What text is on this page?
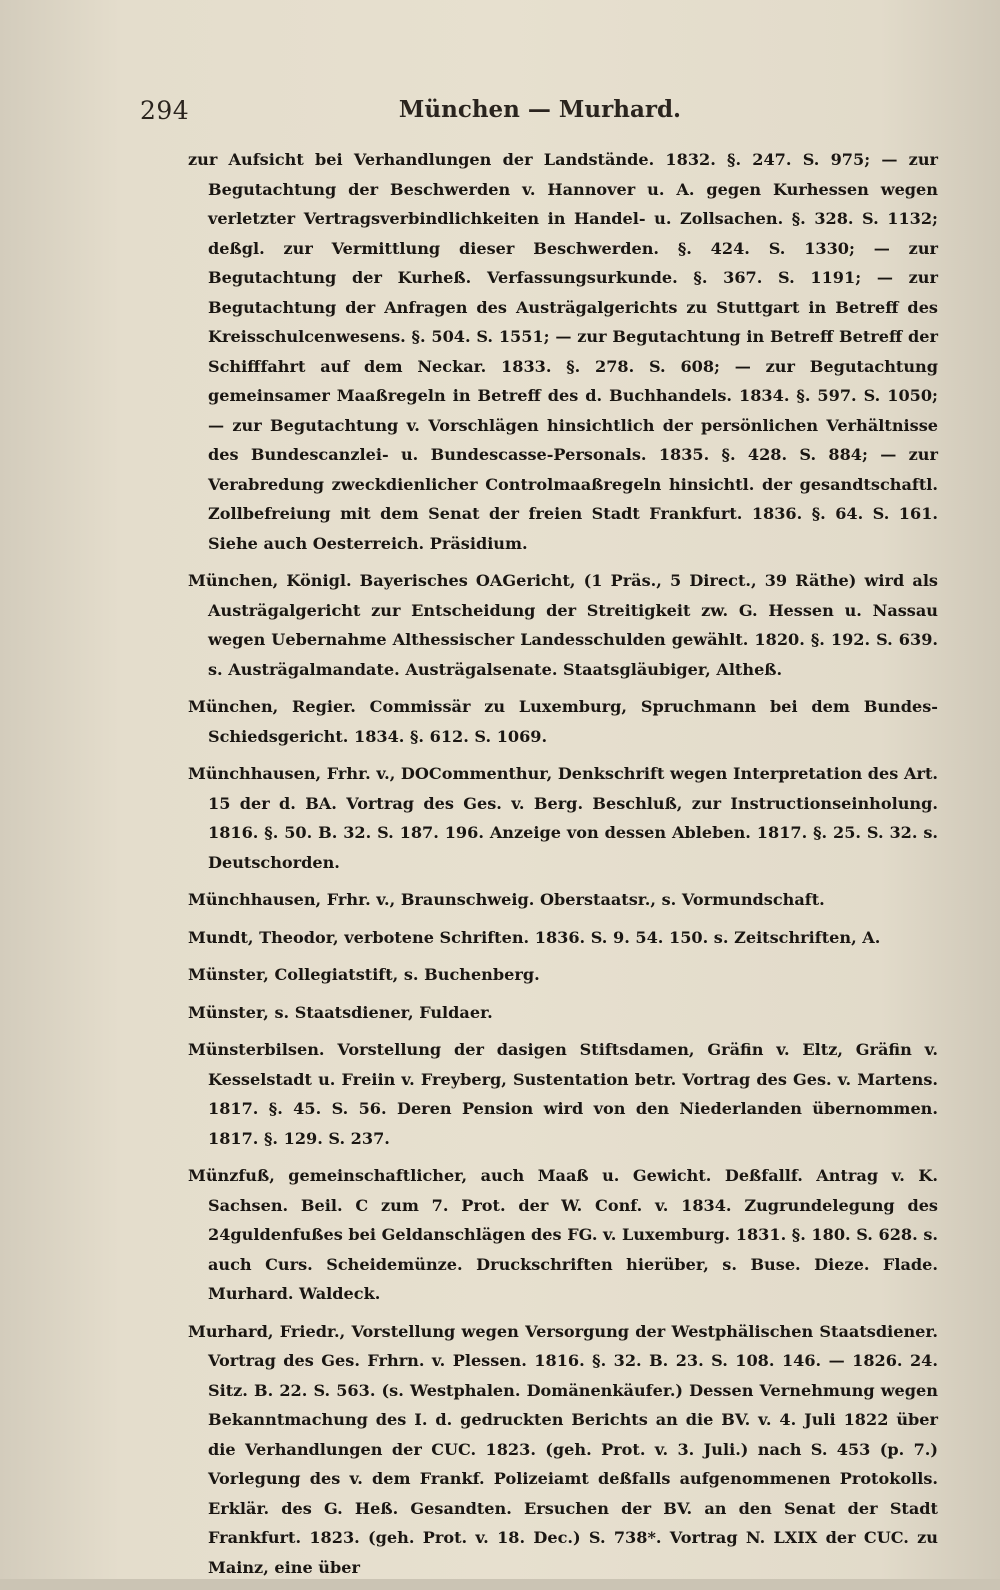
294	München — Murhard.

zur Aufsicht bei Verhandlungen der Landstände. 1832. §. 247. S. 975; — zur Begutachtung der Beschwerden v. Hannover u. A. gegen Kurhessen wegen verletzter Vertragsverbindlichkeiten in Handel- u. Zollsachen. §. 328. S. 1132; deßgl. zur Vermittlung dieser Beschwerden. §. 424. S. 1330; — zur Begutachtung der Kurheß. Verfassungsurkunde. §. 367. S. 1191; — zur Begutachtung der Anfragen des Austrägalgerichts zu Stuttgart in Betreff des Kreisschulcenwesens. §. 504. S. 1551; — zur Begutachtung in Betreff Betreff der Schifffahrt auf dem Neckar. 1833. §. 278. S. 608; — zur Begutachtung gemeinsamer Maaßregeln in Betreff des d. Buchhandels. 1834. §. 597. S. 1050; — zur Begutachtung v. Vorschlägen hinsichtlich der persönlichen Verhältnisse des Bundescanzlei- u. Bundescasse-Personals. 1835. §. 428. S. 884; — zur Verabredung zweckdienlicher Controlmaaßregeln hinsichtl. der gesandtschaftl. Zollbefreiung mit dem Senat der freien Stadt Frankfurt. 1836. §. 64. S. 161. Siehe auch Oesterreich. Präsidium.

München, Königl. Bayerisches OAGericht, (1 Präs., 5 Direct., 39 Räthe) wird als Austrägalgericht zur Entscheidung der Streitigkeit zw. G. Hessen u. Nassau wegen Uebernahme Althessischer Landesschulden gewählt. 1820. §. 192. S. 639. s. Austrägalmandate. Austrägalsenate. Staatsgläubiger, Altheß.

München, Regier. Commissär zu Luxemburg, Spruchmann bei dem Bundes-Schiedsgericht. 1834. §. 612. S. 1069.

Münchhausen, Frhr. v., DOCommenthur, Denkschrift wegen Interpretation des Art. 15 der d. BA. Vortrag des Ges. v. Berg. Beschluß, zur Instructionseinholung. 1816. §. 50. B. 32. S. 187. 196. Anzeige von dessen Ableben. 1817. §. 25. S. 32. s. Deutschorden.

Münchhausen, Frhr. v., Braunschweig. Oberstaatsr., s. Vormundschaft.

Mundt, Theodor, verbotene Schriften. 1836. S. 9. 54. 150. s. Zeitschriften, A.

Münster, Collegiatstift, s. Buchenberg.

Münster, s. Staatsdiener, Fuldaer.

Münsterbilsen. Vorstellung der dasigen Stiftsdamen, Gräfin v. Eltz, Gräfin v. Kesselstadt u. Freiin v. Freyberg, Sustentation betr. Vortrag des Ges. v. Martens. 1817. §. 45. S. 56. Deren Pension wird von den Niederlanden übernommen. 1817. §. 129. S. 237.

Münzfuß, gemeinschaftlicher, auch Maaß u. Gewicht. Deßfallf. Antrag v. K. Sachsen. Beil. C zum 7. Prot. der W. Conf. v. 1834. Zugrundelegung des 24guldenfußes bei Geldanschlägen des FG. v. Luxemburg. 1831. §. 180. S. 628. s. auch Curs. Scheidemünze. Druckschriften hierüber, s. Buse. Dieze. Flade. Murhard. Waldeck.

Murhard, Friedr., Vorstellung wegen Versorgung der Westphälischen Staatsdiener. Vortrag des Ges. Frhrn. v. Plessen. 1816. §. 32. B. 23. S. 108. 146. — 1826. 24. Sitz. B. 22. S. 563. (s. Westphalen. Domänenkäufer.) Dessen Vernehmung wegen Bekanntmachung des I. d. gedruckten Berichts an die BV. v. 4. Juli 1822 über die Verhandlungen der CUC. 1823. (geh. Prot. v. 3. Juli.) nach S. 453 (p. 7.) Vorlegung des v. dem Frankf. Polizeiamt deßfalls aufgenommenen Protokolls. Erklär. des G. Heß. Gesandten. Ersuchen der BV. an den Senat der Stadt Frankfurt. 1823. (geh. Prot. v. 18. Dec.) S. 738*. Vortrag N. LXIX der CUC. zu Mainz, eine über
